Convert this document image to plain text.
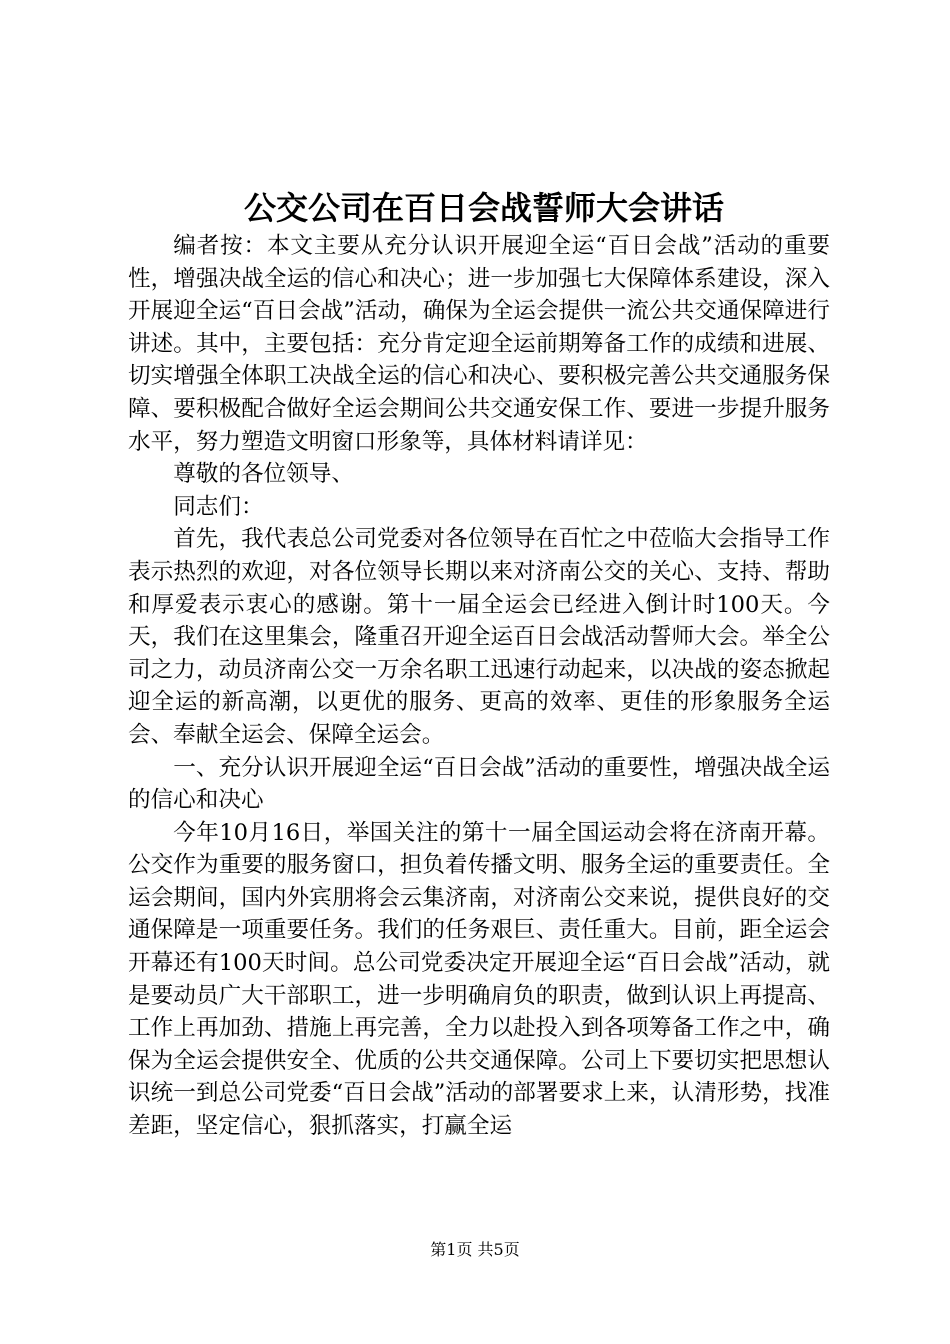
公交公司在百日会战誓师大会讲话

编者按：本文主要从充分认识开展迎全运“百日会战”活动的重要性，增强决战全运的信心和决心；进一步加强七大保障体系建设，深入开展迎全运“百日会战”活动，确保为全运会提供一流公共交通保障进行讲述。其中，主要包括：充分肯定迎全运前期筹备工作的成绩和进展、切实增强全体职工决战全运的信心和决心、要积极完善公共交通服务保障、要积极配合做好全运会期间公共交通安保工作、要进一步提升服务水平，努力塑造文明窗口形象等，具体材料请详见：

尊敬的各位领导、

同志们：

首先，我代表总公司党委对各位领导在百忙之中莅临大会指导工作表示热烈的欢迎，对各位领导长期以来对济南公交的关心、支持、帮助和厚爱表示衷心的感谢。第十一届全运会已经进入倒计时100天。今天，我们在这里集会，隆重召开迎全运百日会战活动誓师大会。举全公司之力，动员济南公交一万余名职工迅速行动起来，以决战的姿态掀起迎全运的新高潮，以更优的服务、更高的效率、更佳的形象服务全运会、奉献全运会、保障全运会。

一、充分认识开展迎全运“百日会战”活动的重要性，增强决战全运的信心和决心

今年10月16日，举国关注的第十一届全国运动会将在济南开幕。公交作为重要的服务窗口，担负着传播文明、服务全运的重要责任。全运会期间，国内外宾朋将会云集济南，对济南公交来说，提供良好的交通保障是一项重要任务。我们的任务艰巨、责任重大。目前，距全运会开幕还有100天时间。总公司党委决定开展迎全运“百日会战”活动，就是要动员广大干部职工，进一步明确肩负的职责，做到认识上再提高、工作上再加劲、措施上再完善，全力以赴投入到各项筹备工作之中，确保为全运会提供安全、优质的公共交通保障。公司上下要切实把思想认识统一到总公司党委“百日会战”活动的部署要求上来，认清形势，找准差距，坚定信心，狠抓落实，打赢全运

第1页 共5页
